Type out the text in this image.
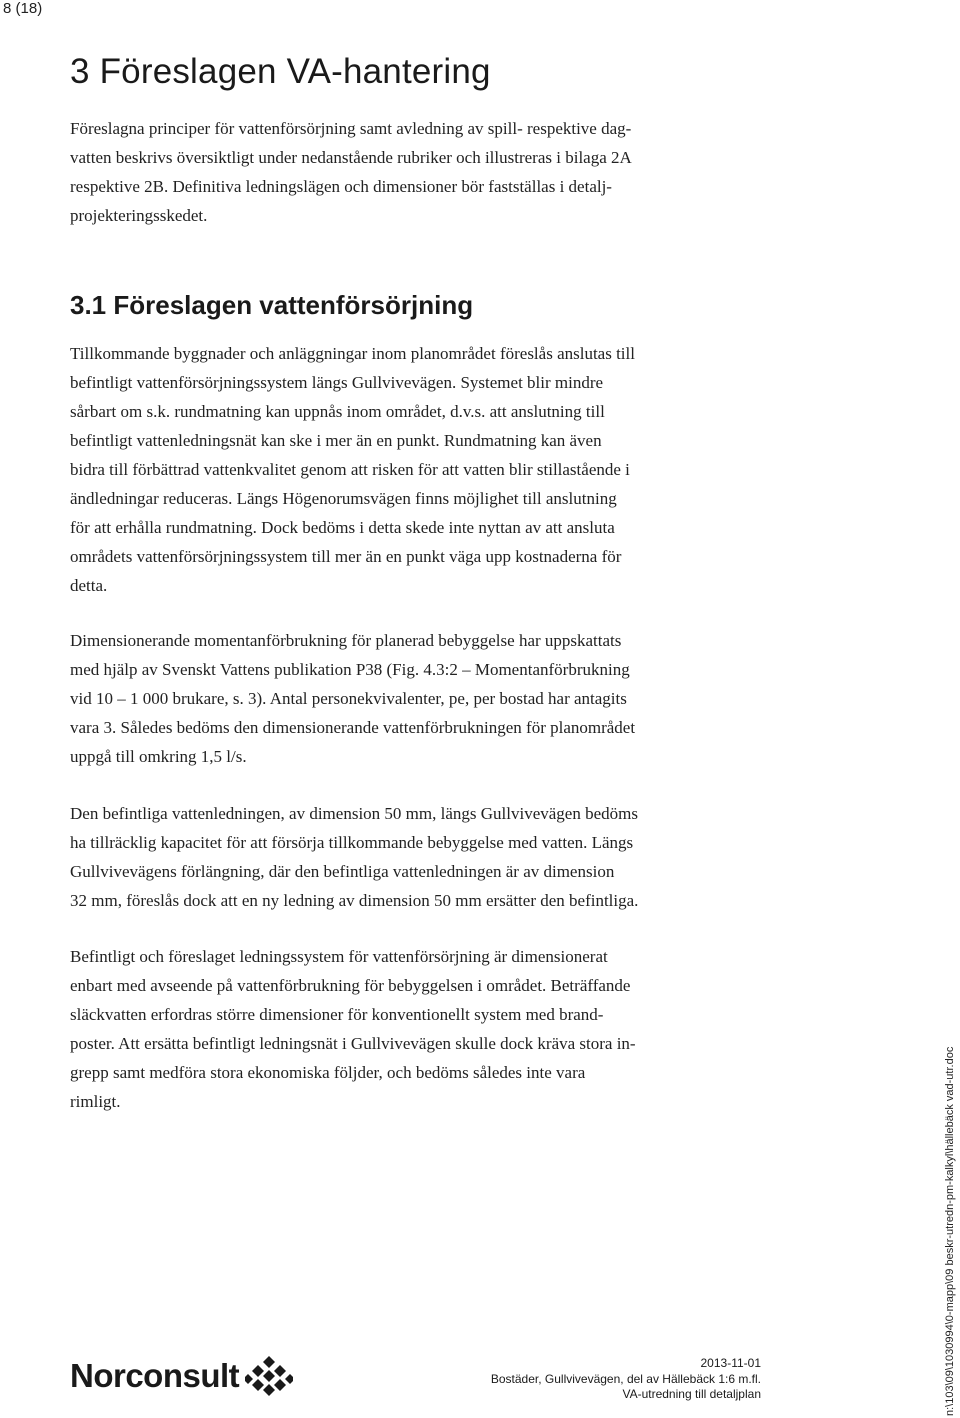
8 (18)
3 Föreslagen VA-hantering
Föreslagna principer för vattenförsörjning samt avledning av spill- respektive dag-
vatten beskrivs översiktligt under nedanstående rubriker och illustreras i bilaga 2A
respektive 2B. Definitiva ledningslägen och dimensioner bör fastställas i detalj-
projekteringsskedet.
3.1 Föreslagen vattenförsörjning
Tillkommande byggnader och anläggningar inom planområdet föreslås anslutas till
befintligt vattenförsörjningssystem längs Gullvivevägen. Systemet blir mindre
sårbart om s.k. rundmatning kan uppnås inom området, d.v.s. att anslutning till
befintligt vattenledningsnät kan ske i mer än en punkt. Rundmatning kan även
bidra till förbättrad vattenkvalitet genom att risken för att vatten blir stillastående i
ändledningar reduceras. Längs Högenorumsvägen finns möjlighet till anslutning
för att erhålla rundmatning. Dock bedöms i detta skede inte nyttan av att ansluta
områdets vattenförsörjningssystem till mer än en punkt väga upp kostnaderna för
detta.
Dimensionerande momentanförbrukning för planerad bebyggelse har uppskattats
med hjälp av Svenskt Vattens publikation P38 (Fig. 4.3:2 – Momentanförbrukning
vid 10 – 1 000 brukare, s. 3). Antal personekvivalenter, pe, per bostad har antagits
vara 3. Således bedöms den dimensionerande vattenförbrukningen för planområdet
uppgå till omkring 1,5 l/s.
Den befintliga vattenledningen, av dimension 50 mm, längs Gullvivevägen bedöms
ha tillräcklig kapacitet för att försörja tillkommande bebyggelse med vatten. Längs
Gullvivevägens förlängning, där den befintliga vattenledningen är av dimension
32 mm, föreslås dock att en ny ledning av dimension 50 mm ersätter den befintliga.
Befintligt och föreslaget ledningssystem för vattenförsörjning är dimensionerat
enbart med avseende på vattenförbrukning för bebyggelsen i området. Beträffande
släckvatten erfordras större dimensioner för konventionellt system med brand-
poster. Att ersätta befintligt ledningsnät i Gullvivevägen skulle dock kräva stora in-
grepp samt medföra stora ekonomiska följder, och bedöms således inte vara
rimligt.
Norconsult	2013-11-01
Bostäder, Gullvivevägen, del av Hällebäck 1:6 m.fl.
VA-utredning till detaljplan	n:\103\09\1030994\0-mapp\09 beskr-utredn-pm-kalkyl\hällebäck vad-utr.doc
